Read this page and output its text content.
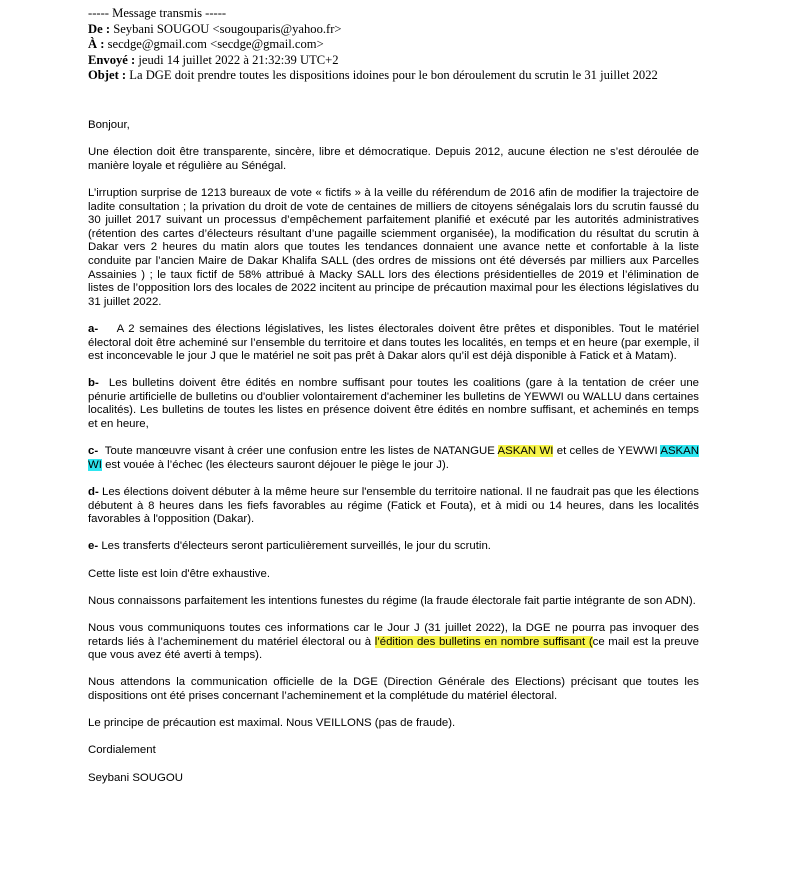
----- Message transmis -----
De : Seybani SOUGOU <sougouparis@yahoo.fr>
À : secdge@gmail.com <secdge@gmail.com>
Envoyé : jeudi 14 juillet 2022 à 21:32:39 UTC+2
Objet : La DGE doit prendre toutes les dispositions idoines pour le bon déroulement du scrutin le 31 juillet 2022

Bonjour,

Une élection doit être transparente, sincère, libre et démocratique. Depuis 2012, aucune élection ne s’est déroulée de manière loyale et régulière au Sénégal.

L’irruption surprise de 1213 bureaux de vote « fictifs » à la veille du référendum de 2016 afin de modifier la trajectoire de ladite consultation ; la privation du droit de vote de centaines de milliers de citoyens sénégalais lors du scrutin faussé du 30 juillet 2017 suivant un processus d’empêchement parfaitement planifié et exécuté par les autorités administratives (rétention des cartes d’électeurs résultant d’une pagaille sciemment organisée), la modification du résultat du scrutin à Dakar vers 2 heures du matin alors que toutes les tendances donnaient une avance nette et confortable à la liste conduite par l’ancien Maire de Dakar Khalifa SALL (des ordres de missions ont été déversés par milliers aux Parcelles Assainies ) ; le taux fictif de 58% attribué à Macky SALL lors des élections présidentielles de 2019 et l’élimination de listes de l’opposition lors des locales de 2022 incitent au principe de précaution maximal pour les élections législatives du 31 juillet 2022.

a- A 2 semaines des élections législatives, les listes électorales doivent être prêtes et disponibles. Tout le matériel électoral doit être acheminé sur l’ensemble du territoire et dans toutes les localités, en temps et en heure (par exemple, il est inconcevable le jour J que le matériel ne soit pas prêt à Dakar alors qu’il est déjà disponible à Fatick et à Matam).

b- Les bulletins doivent être édités en nombre suffisant pour toutes les coalitions (gare à la tentation de créer une pénurie artificielle de bulletins ou d'oublier volontairement d'acheminer les bulletins de YEWWI ou WALLU dans certaines localités). Les bulletins de toutes les listes en présence doivent être édités en nombre suffisant, et acheminés en temps et en heure,

c- Toute manœuvre visant à créer une confusion entre les listes de NATANGUE ASKAN WI et celles de YEWWI ASKAN WI est vouée à l’échec (les électeurs sauront déjouer le piège le jour J).

d- Les élections doivent débuter à la même heure sur l'ensemble du territoire national. Il ne faudrait pas que les élections débutent à 8 heures dans les fiefs favorables au régime (Fatick et Fouta), et à midi ou 14 heures, dans les localités favorables à l'opposition (Dakar).

e- Les transferts d'électeurs seront particulièrement surveillés, le jour du scrutin.

Cette liste est loin d'être exhaustive.

Nous connaissons parfaitement les intentions funestes du régime (la fraude électorale fait partie intégrante de son ADN).

Nous vous communiquons toutes ces informations car le Jour J (31 juillet 2022), la DGE ne pourra pas invoquer des retards liés à l’acheminement du matériel électoral ou à l’édition des bulletins en nombre suffisant (ce mail est la preuve que vous avez été averti à temps).

Nous attendons la communication officielle de la DGE (Direction Générale des Elections) précisant que toutes les dispositions ont été prises concernant l’acheminement et la complétude du matériel électoral.

Le principe de précaution est maximal. Nous VEILLONS (pas de fraude).

Cordialement

Seybani SOUGOU
